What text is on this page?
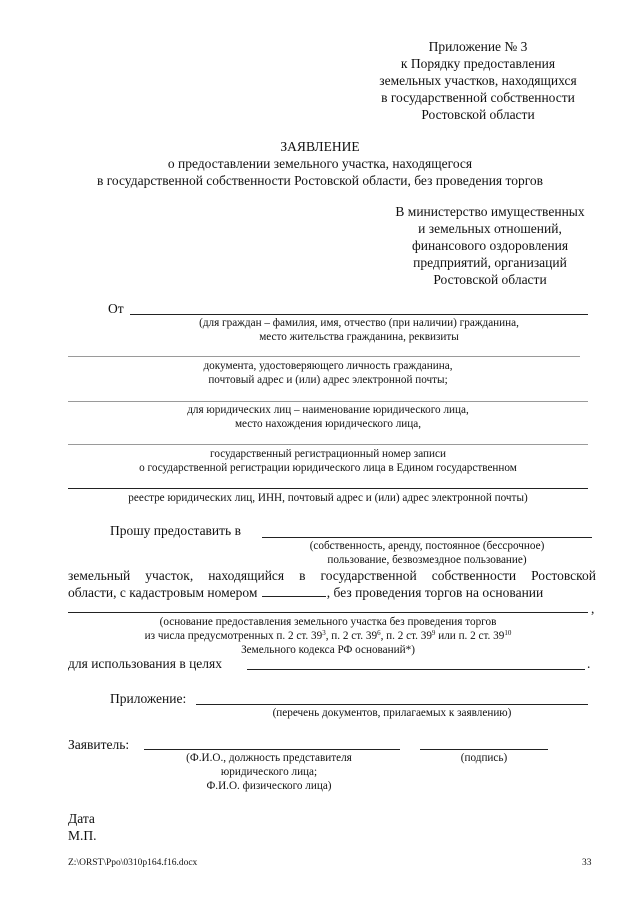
Приложение № 3
к Порядку предоставления
земельных участков, находящихся
в государственной собственности
Ростовской области
ЗАЯВЛЕНИЕ
о предоставлении земельного участка, находящегося
в государственной собственности Ростовской области, без проведения торгов
В министерство имущественных
и земельных отношений,
финансового оздоровления
предприятий, организаций
Ростовской области
От
(для граждан – фамилия, имя, отчество (при наличии) гражданина,
место жительства гражданина, реквизиты
документа, удостоверяющего личность гражданина,
почтовый адрес и (или) адрес электронной почты;
для юридических лиц – наименование юридического лица,
место нахождения юридического лица,
государственный регистрационный номер записи
о государственной регистрации юридического лица в Едином государственном
реестре юридических лиц, ИНН, почтовый адрес и (или) адрес электронной почты)
Прошу предоставить в
(собственность, аренду, постоянное (бессрочное)
пользование, безвозмездное пользование)
земельный участок, находящийся в государственной собственности Ростовской
области, с кадастровым номером	, без проведения торгов на основании
,
(основание предоставления земельного участка без проведения торгов
из числа предусмотренных п. 2 ст. $39^3$, п. 2 ст. $39^6$, п. 2 ст. $39^9$ или п. 2 ст. $39^{10}$
Земельного кодекса РФ оснований*)
для использования в целях	.
Приложение:
(перечень документов, прилагаемых к заявлению)
Заявитель:
(Ф.И.О., должность представителя
юридического лица;
Ф.И.О. физического лица)
(подпись)
Дата
М.П.
Z:\ORST\Ppo\0310p164.f16.docx	33
